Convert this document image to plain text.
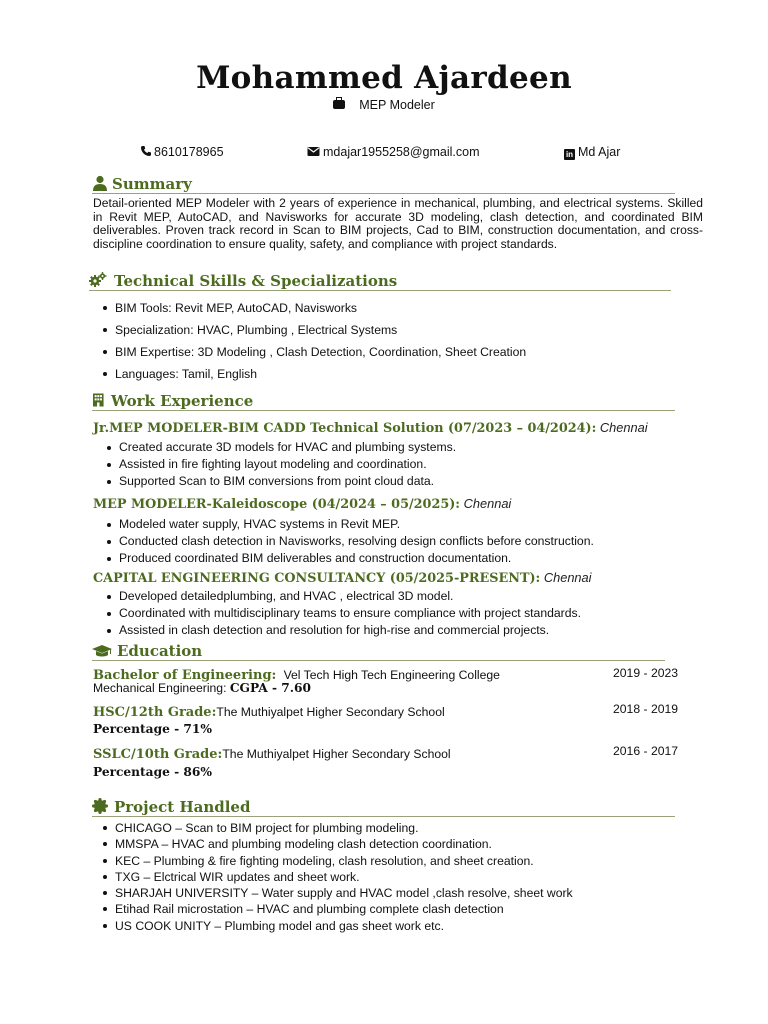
Mohammed Ajardeen
MEP Modeler
8610178965	mdajar1955258@gmail.com	in Md Ajar
Summary
Detail-oriented MEP Modeler with 2 years of experience in mechanical, plumbing, and electrical systems. Skilled in Revit MEP, AutoCAD, and Navisworks for accurate 3D modeling, clash detection, and coordinated BIM deliverables. Proven track record in Scan to BIM projects, Cad to BIM, construction documentation, and cross-discipline coordination to ensure quality, safety, and compliance with project standards.
Technical Skills & Specializations
BIM Tools: Revit MEP, AutoCAD, Navisworks
Specialization: HVAC, Plumbing , Electrical Systems
BIM Expertise: 3D Modeling , Clash Detection, Coordination, Sheet Creation
Languages: Tamil, English
Work Experience
Jr.MEP MODELER-BIM CADD Technical Solution (07/2023 – 04/2024): Chennai
Created accurate 3D models for HVAC and plumbing systems.
Assisted in fire fighting layout modeling and coordination.
Supported Scan to BIM conversions from point cloud data.
MEP MODELER-Kaleidoscope (04/2024 – 05/2025): Chennai
Modeled water supply, HVAC systems in Revit MEP.
Conducted clash detection in Navisworks, resolving design conflicts before construction.
Produced coordinated BIM deliverables and construction documentation.
CAPITAL ENGINEERING CONSULTANCY (05/2025-PRESENT): Chennai
Developed detailedplumbing, and HVAC , electrical 3D model.
Coordinated with multidisciplinary teams to ensure compliance with project standards.
Assisted in clash detection and resolution for high-rise and commercial projects.
Education
Bachelor of Engineering: Vel Tech High Tech Engineering College
Mechanical Engineering: CGPA - 7.60
2019 - 2023
HSC/12th Grade:The Muthiyalpet Higher Secondary School
Percentage - 71%
2018 - 2019
SSLC/10th Grade:The Muthiyalpet Higher Secondary School
Percentage - 86%
2016 - 2017
Project Handled
CHICAGO – Scan to BIM project for plumbing modeling.
MMSPA – HVAC and plumbing modeling clash detection coordination.
KEC – Plumbing & fire fighting modeling, clash resolution, and sheet creation.
TXG – Elctrical WIR updates and sheet work.
SHARJAH UNIVERSITY – Water supply and HVAC model ,clash resolve, sheet work
Etihad Rail microstation – HVAC and plumbing complete clash detection
US COOK UNITY – Plumbing model and gas sheet work etc.
